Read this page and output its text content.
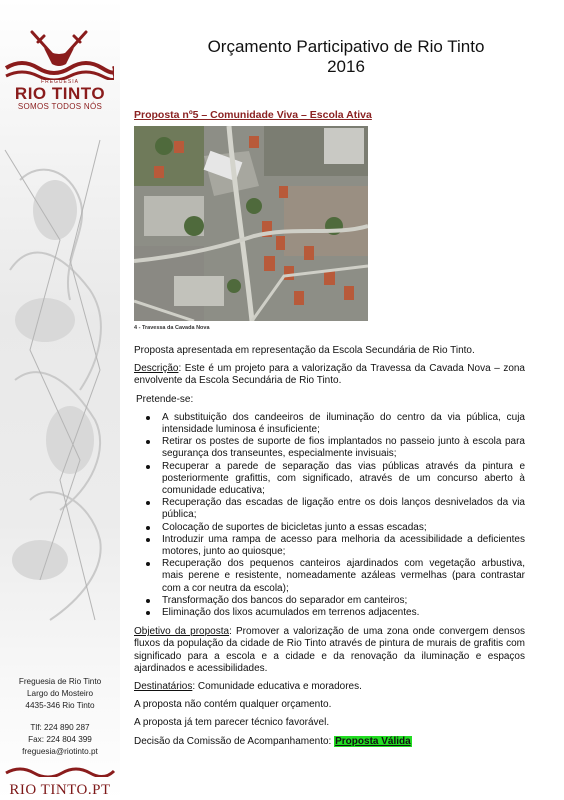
FREGUESIA
RIO TINTO
SOMOS TODOS NÓS
Freguesia de Rio Tinto
Largo do Mosteiro
4435-346 Rio Tinto
Tlf: 224 890 287
Fax: 224 804 399
freguesia@riotinto.pt
RIO TINTO.PT
Orçamento Participativo de Rio Tinto
2016
Proposta nº5 – Comunidade Viva – Escola Ativa
4 - Travessa da Cavada Nova

Proposta apresentada em representação da Escola Secundária de Rio Tinto.

Descrição: Este é um projeto para a valorização da Travessa da Cavada Nova – zona envolvente da Escola Secundária de Rio Tinto.

Pretende-se:

A substituição dos candeeiros de iluminação do centro da via pública, cuja intensidade luminosa é insuficiente;
Retirar os postes de suporte de fios implantados no passeio junto à escola para segurança dos transeuntes, especialmente invisuais;
Recuperar a parede de separação das vias públicas através da pintura e posteriormente grafittis, com significado, através de um concurso aberto à comunidade educativa;
Recuperação das escadas de ligação entre os dois lanços desnivelados da via pública;
Colocação de suportes de bicicletas junto a essas escadas;
Introduzir uma rampa de acesso para melhoria da acessibilidade a deficientes motores, junto ao quiosque;
Recuperação dos pequenos canteiros ajardinados com vegetação arbustiva, mais perene e resistente, nomeadamente azáleas vermelhas (para contrastar com a cor neutra da escola);
Transformação dos bancos do separador em canteiros;
Eliminação dos lixos acumulados em terrenos adjacentes.

Objetivo da proposta: Promover a valorização de uma zona onde convergem densos fluxos da população da cidade de Rio Tinto através de pintura de murais de grafitis com significado para a escola e a cidade e da renovação da iluminação e espaços ajardinados e acessibilidades.

Destinatários: Comunidade educativa e moradores.

A proposta não contém qualquer orçamento.

A proposta já tem parecer técnico favorável.

Decisão da Comissão de Acompanhamento: Proposta Válida
